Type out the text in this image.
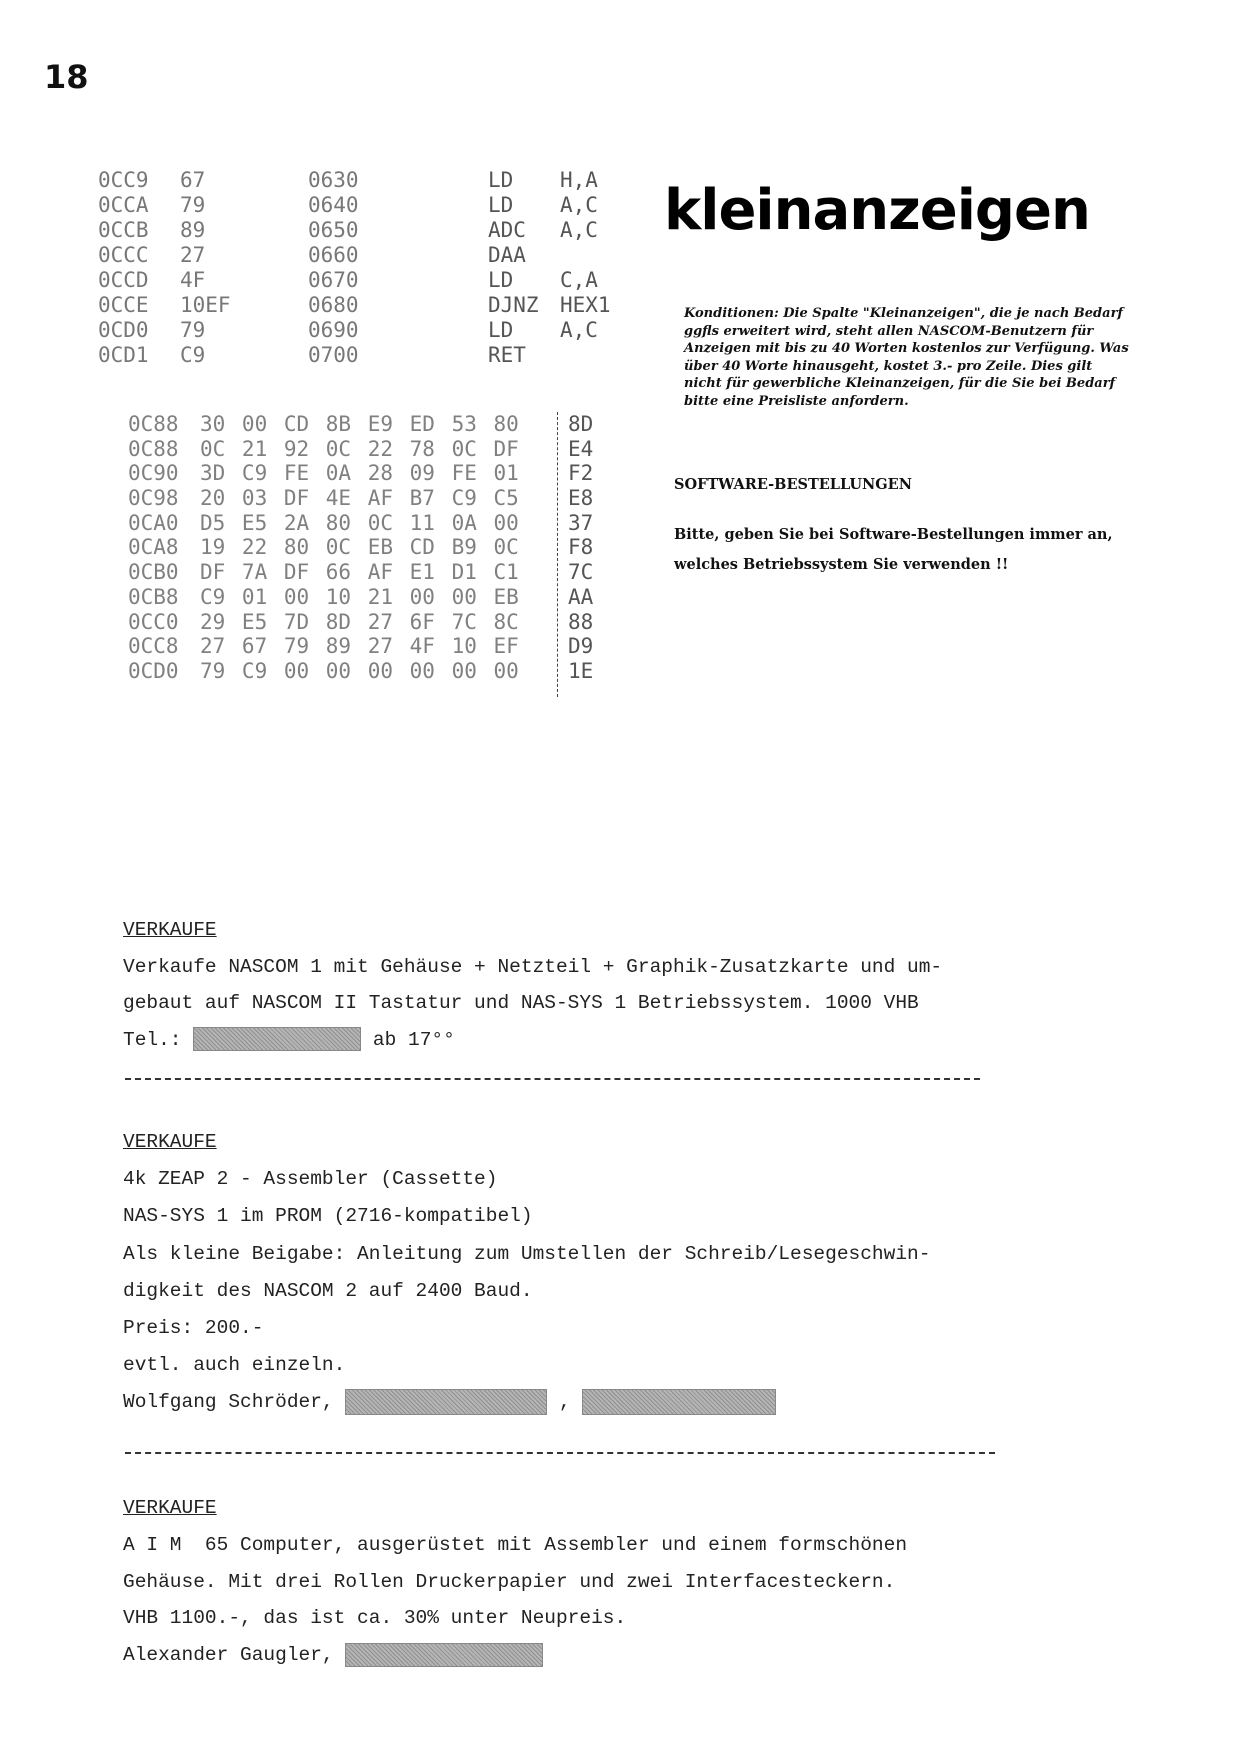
18
0CC9 67	0630	LD H,A
0CCA 79	0640	LD A,C
0CCB 89	0650	ADC A,C
0CCC 27	0660	DAA
0CCD 4F	0670	LD C,A
0CCE 10EF	0680	DJNZ HEX1
0CD0 79	0690	LD A,C
0CD1 C9	0700	RET
0C88 30 00 CD 8B E9 ED 53 80 8D
0C88 0C 21 92 0C 22 78 0C DF E4
0C90 3D C9 FE 0A 28 09 FE 01 F2
0C98 20 03 DF 4E AF B7 C9 C5 E8
0CA0 D5 E5 2A 80 0C 11 0A 00 37
0CA8 19 22 80 0C EB CD B9 0C F8
0CB0 DF 7A DF 66 AF E1 D1 C1 7C
0CB8 C9 01 00 10 21 00 00 EB AA
0CC0 29 E5 7D 8D 27 6F 7C 8C 88
0CC8 27 67 79 89 27 4F 10 EF D9
0CD0 79 C9 00 00 00 00 00 00 1E
kleinanzeigen
Konditionen: Die Spalte "Kleinanzeigen", die je nach Bedarf ggfls erweitert wird, steht allen NASCOM-Benutzern für Anzeigen mit bis zu 40 Worten kostenlos zur Verfügung. Was über 40 Worte hinausgeht, kostet 3.- pro Zeile. Dies gilt nicht für gewerbliche Kleinanzeigen, für die Sie bei Bedarf bitte eine Preisliste anfordern.
SOFTWARE-BESTELLUNGEN
Bitte, geben Sie bei Software-Bestellungen immer an, welches Betriebssystem Sie verwenden !!
VERKAUFE
Verkaufe NASCOM 1 mit Gehäuse + Netzteil + Graphik-Zusatzkarte und um-
gebaut auf NASCOM II Tastatur und NAS-SYS 1 Betriebssystem. 1000 VHB
Tel.:	ab 17°°
VERKAUFE
4k ZEAP 2 - Assembler (Cassette)
NAS-SYS 1 im PROM (2716-kompatibel)
Als kleine Beigabe: Anleitung zum Umstellen der Schreib/Lesegeschwin-
digkeit des NASCOM 2 auf 2400 Baud.
Preis: 200.-
evtl. auch einzeln.
Wolfgang Schröder,	,
VERKAUFE
A I M  65 Computer, ausgerüstet mit Assembler und einem formschönen
Gehäuse. Mit drei Rollen Druckerpapier und zwei Interfacesteckern.
VHB 1100.-, das ist ca. 30% unter Neupreis.
Alexander Gaugler,
